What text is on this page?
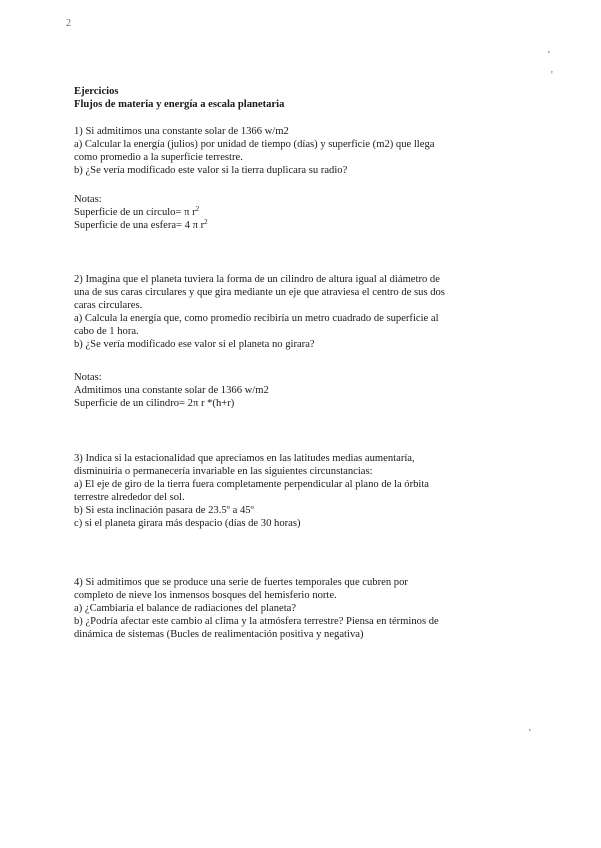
2
'
'
'

Ejercicios

Flujos de materia y energía a escala planetaria

1) Si admitimos una constante solar de 1366 w/m2

a) Calcular la energía (julios) por unidad de tiempo (días) y superficie (m2) que llega

como promedio a la superficie terrestre.

b) ¿Se vería modificado este valor si la tierra duplicara su radio?

Notas:

Superficie de un círculo= π $r^2$

Superficie de una esfera= 4 π $r^2$

2) Imagina que el planeta tuviera la forma de un cilindro de altura igual al diámetro de

una de sus caras circulares y que gira mediante un eje que atraviesa el centro de sus dos

caras circulares.

a) Calcula la energía que, como promedio recibiría un metro cuadrado de superficie al

cabo de 1 hora.

b) ¿Se vería modificado ese valor si el planeta no girara?

Notas:

Admitimos una constante solar de 1366 w/m2

Superficie de un cilindro= 2π r *(h+r)

3) Indica si la estacionalidad que apreciamos en las latitudes medias aumentaría,

disminuiría o permanecería invariable en las siguientes circunstancias:

a) El eje de giro de la tierra fuera completamente perpendicular al plano de la órbita

terrestre alrededor del sol.

b) Si esta inclinación pasara de 23.5º a 45º

c) si el planeta girara más despacio (días de 30 horas)

4) Si admitimos que se produce una serie de fuertes temporales que cubren por

completo de nieve los inmensos bosques del hemisferio norte.

a) ¿Cambiaría el balance de radiaciones del planeta?

b) ¿Podría afectar este cambio al clima y la atmósfera terrestre? Piensa en términos de

dinámica de sistemas (Bucles de realimentación positiva y negativa)
